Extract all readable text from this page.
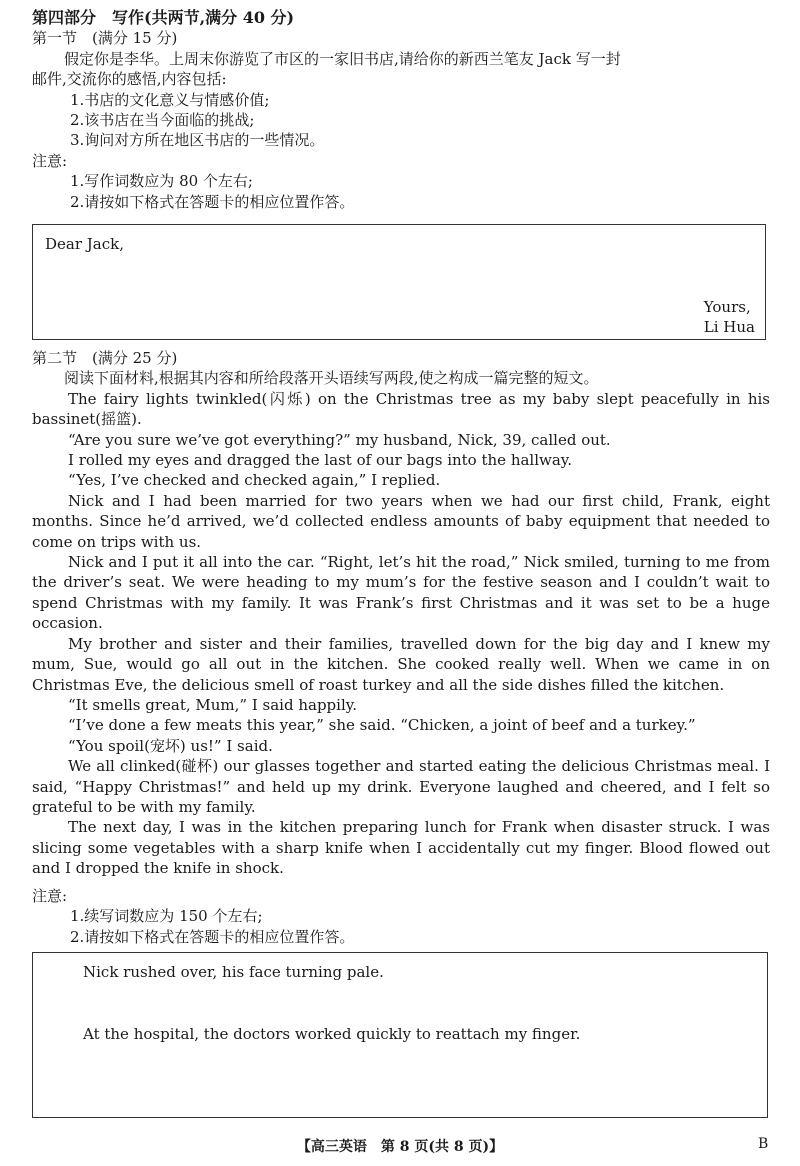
第四部分　写作(共两节,满分 40 分)

第一节　(满分 15 分)

假定你是李华。上周末你游览了市区的一家旧书店,请给你的新西兰笔友 Jack 写一封

邮件,交流你的感悟,内容包括:

1.书店的文化意义与情感价值;

2.该书店在当今面临的挑战;

3.询问对方所在地区书店的一些情况。

注意:

1.写作词数应为 80 个左右;

2.请按如下格式在答题卡的相应位置作答。

Dear Jack,
Yours,
Li Hua

第二节　(满分 25 分)

阅读下面材料,根据其内容和所给段落开头语续写两段,使之构成一篇完整的短文。

The fairy lights twinkled(闪烁) on the Christmas tree as my baby slept peacefully in his bassinet(摇篮).

“Are you sure we’ve got everything?” my husband, Nick, 39, called out.

I rolled my eyes and dragged the last of our bags into the hallway.

“Yes, I’ve checked and checked again,” I replied.

Nick and I had been married for two years when we had our first child, Frank, eight months. Since he’d arrived, we’d collected endless amounts of baby equipment that needed to come on trips with us.

Nick and I put it all into the car. “Right, let’s hit the road,” Nick smiled, turning to me from the driver’s seat. We were heading to my mum’s for the festive season and I couldn’t wait to spend Christmas with my family. It was Frank’s first Christmas and it was set to be a huge occasion.

My brother and sister and their families, travelled down for the big day and I knew my mum, Sue, would go all out in the kitchen. She cooked really well. When we came in on Christmas Eve, the delicious smell of roast turkey and all the side dishes filled the kitchen.

“It smells great, Mum,” I said happily.

“I’ve done a few meats this year,” she said. “Chicken, a joint of beef and a turkey.”

“You spoil(宠坏) us!” I said.

We all clinked(碰杯) our glasses together and started eating the delicious Christmas meal. I said, “Happy Christmas!” and held up my drink. Everyone laughed and cheered, and I felt so grateful to be with my family.

The next day, I was in the kitchen preparing lunch for Frank when disaster struck. I was slicing some vegetables with a sharp knife when I accidentally cut my finger. Blood flowed out and I dropped the knife in shock.

注意:

1.续写词数应为 150 个左右;

2.请按如下格式在答题卡的相应位置作答。

Nick rushed over, his face turning pale.
At the hospital, the doctors worked quickly to reattach my finger.
【高三英语　第 8 页(共 8 页)】	B
